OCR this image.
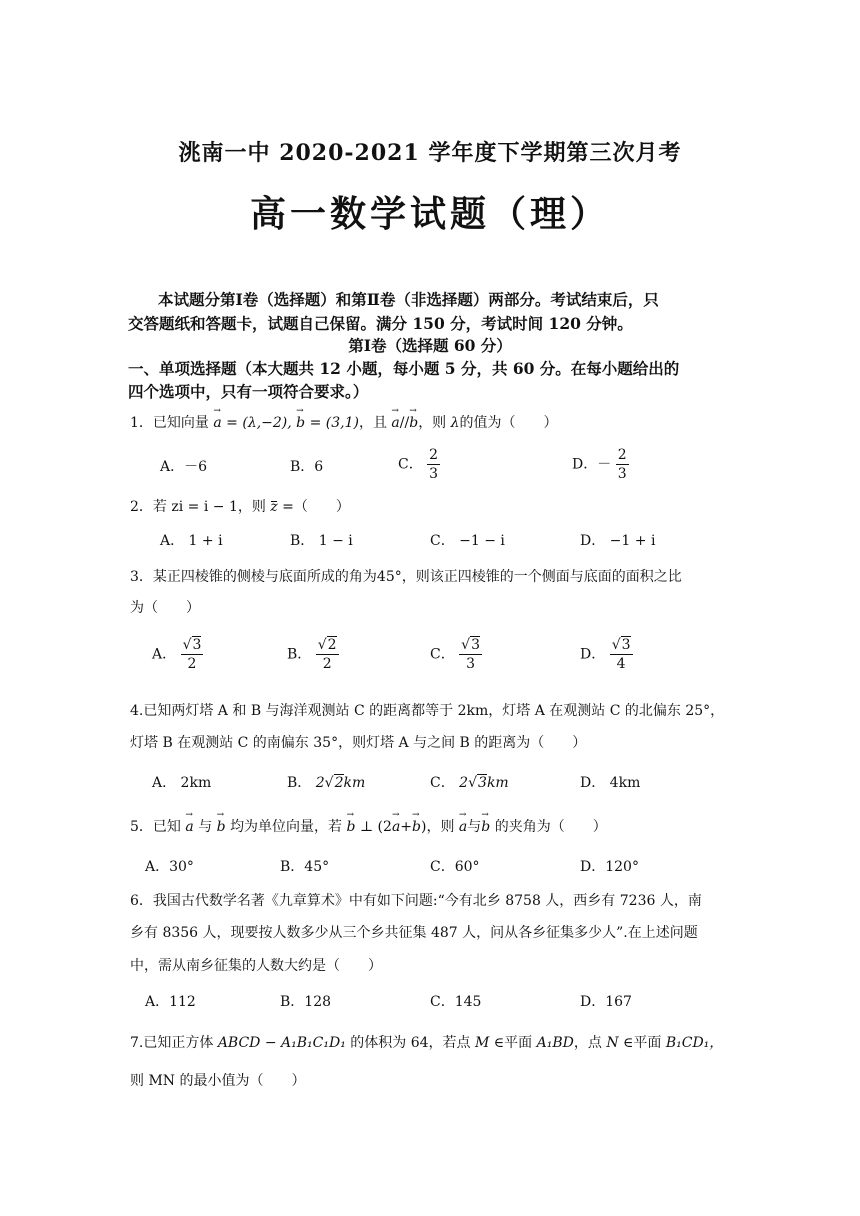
洮南一中 2020-2021 学年度下学期第三次月考
高一数学试题（理）
本试题分第Ⅰ卷（选择题）和第Ⅱ卷（非选择题）两部分。考试结束后，只
交答题纸和答题卡，试题自己保留。满分 150 分，考试时间 120 分钟。
第Ⅰ卷（选择题 60 分）
一、单项选择题（本大题共 12 小题，每小题 5 分，共 60 分。在每小题给出的
四个选项中，只有一项符合要求。）
1．已知向量 → a = (λ,−2), → b = (3,1)，且 → a//→ b，则 λ的值为（　　）
A．－6	B．6	C． $\frac{2}{3}$	D．－ $\frac{2}{3}$
2．若 zi = i − 1，则 z =（　　）
A． 1 + i	B． 1 − i	C． −1 − i	D． −1 + i
3．某正四棱锥的侧棱与底面所成的角为45°，则该正四棱锥的一个侧面与底面的面积之比
为（　　）
A． $\frac{√3}{2}$	B． $\frac{√2}{2}$	C． $\frac{√3}{3}$	D． $\frac{√3}{4}$
4.已知两灯塔 A 和 B 与海洋观测站 C 的距离都等于 2km，灯塔 A 在观测站 C 的北偏东 25°，
灯塔 B 在观测站 C 的南偏东 35°，则灯塔 A 与之间 B 的距离为（　　）
A． 2km	B． 2√2km	C． 2√3km	D． 4km
5．已知 → a 与 → b 均为单位向量，若 → b ⊥ (2→ a+→ b)，则 → a与→ b 的夹角为（　　）
A．30°	B．45°	C．60°	D．120°
6．我国古代数学名著《九章算术》中有如下问题:“今有北乡 8758 人，西乡有 7236 人，南
乡有 8356 人，现要按人数多少从三个乡共征集 487 人，问从各乡征集多少人”.在上述问题
中，需从南乡征集的人数大约是（　　）
A．112	B．128	C．145	D．167
7.已知正方体 ABCD − A₁B₁C₁D₁ 的体积为 64，若点 M ∈平面 A₁BD，点 N ∈平面 B₁CD₁，
则 MN 的最小值为（　　）
